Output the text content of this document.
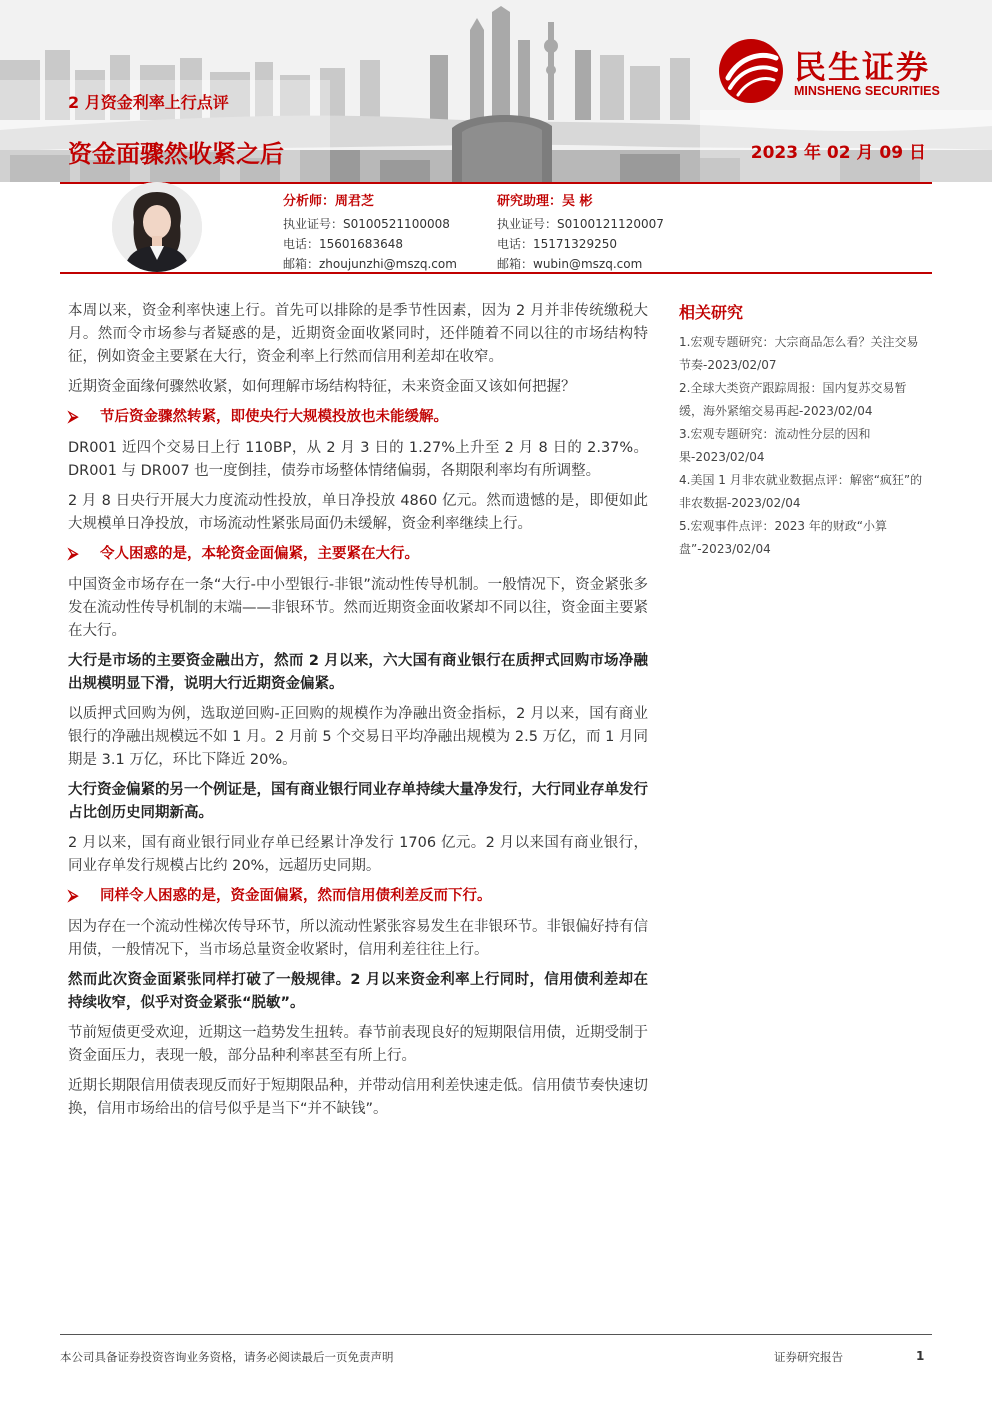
2 月资金利率上行点评
资金面骤然收紧之后	2023 年 02 月 09 日
民生证券
MINSHENG SECURITIES
分析师：周君芝
执业证号：S0100521100008
电话：15601683648
邮箱：zhoujunzhi@mszq.com
研究助理：吴 彬
执业证号：S0100121120007
电话：15171329250
邮箱：wubin@mszq.com

本周以来，资金利率快速上行。首先可以排除的是季节性因素，因为 2 月并非传统缴税大月。然而令市场参与者疑惑的是，近期资金面收紧同时，还伴随着不同以往的市场结构特征，例如资金主要紧在大行，资金利率上行然而信用利差却在收窄。

近期资金面缘何骤然收紧，如何理解市场结构特征，未来资金面又该如何把握？

⮚ 节后资金骤然转紧，即使央行大规模投放也未能缓解。

DR001 近四个交易日上行 110BP，从 2 月 3 日的 1.27%上升至 2 月 8 日的 2.37%。DR001 与 DR007 也一度倒挂，债券市场整体情绪偏弱，各期限利率均有所调整。

2 月 8 日央行开展大力度流动性投放，单日净投放 4860 亿元。然而遗憾的是，即便如此大规模单日净投放，市场流动性紧张局面仍未缓解，资金利率继续上行。

⮚ 令人困惑的是，本轮资金面偏紧，主要紧在大行。

中国资金市场存在一条“大行-中小型银行-非银”流动性传导机制。一般情况下，资金紧张多发在流动性传导机制的末端——非银环节。然而近期资金面收紧却不同以往，资金面主要紧在大行。

大行是市场的主要资金融出方，然而 2 月以来，六大国有商业银行在质押式回购市场净融出规模明显下滑，说明大行近期资金偏紧。

以质押式回购为例，选取逆回购-正回购的规模作为净融出资金指标，2 月以来，国有商业银行的净融出规模远不如 1 月。2 月前 5 个交易日平均净融出规模为 2.5 万亿，而 1 月同期是 3.1 万亿，环比下降近 20%。

大行资金偏紧的另一个例证是，国有商业银行同业存单持续大量净发行，大行同业存单发行占比创历史同期新高。

2 月以来，国有商业银行同业存单已经累计净发行 1706 亿元。2 月以来国有商业银行，同业存单发行规模占比约 20%，远超历史同期。

⮚ 同样令人困惑的是，资金面偏紧，然而信用债利差反而下行。

因为存在一个流动性梯次传导环节，所以流动性紧张容易发生在非银环节。非银偏好持有信用债，一般情况下，当市场总量资金收紧时，信用利差往往上行。

然而此次资金面紧张同样打破了一般规律。2 月以来资金利率上行同时，信用债利差却在持续收窄，似乎对资金紧张“脱敏”。

节前短债更受欢迎，近期这一趋势发生扭转。春节前表现良好的短期限信用债，近期受制于资金面压力，表现一般，部分品种利率甚至有所上行。

近期长期限信用债表现反而好于短期限品种，并带动信用利差快速走低。信用债节奏快速切换，信用市场给出的信号似乎是当下“并不缺钱”。

相关研究

1.宏观专题研究：大宗商品怎么看？关注交易节奏-2023/02/07

2.全球大类资产跟踪周报：国内复苏交易暂缓，海外紧缩交易再起-2023/02/04

3.宏观专题研究：流动性分层的因和果-2023/02/04

4.美国 1 月非农就业数据点评：解密“疯狂”的非农数据-2023/02/04

5.宏观事件点评：2023 年的财政“小算盘”-2023/02/04

本公司具备证券投资咨询业务资格，请务必阅读最后一页免责声明	证券研究报告	1
